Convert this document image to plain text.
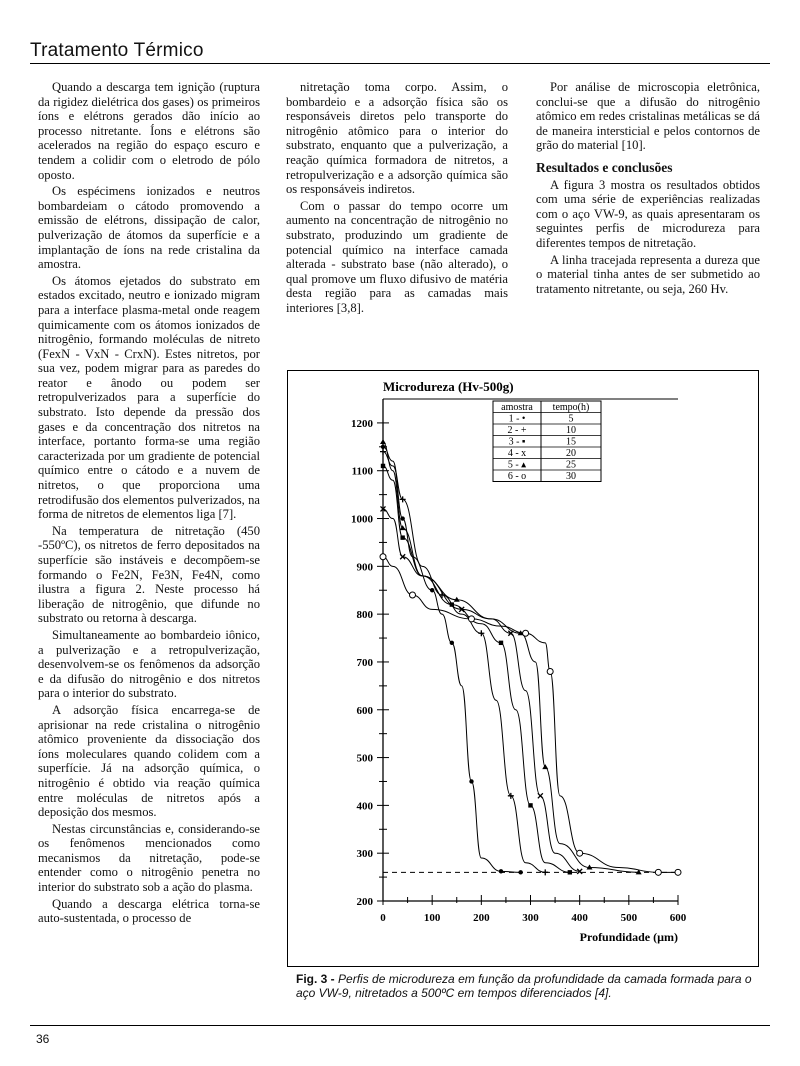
Tratamento Térmico

Quando a descarga tem ignição (ruptura da rigidez dielétrica dos gases) os primeiros íons e elétrons gerados dão início ao processo nitretante. Íons e elétrons são acelerados na região do espaço escuro e tendem a colidir com o eletrodo de pólo oposto.

Os espécimens ionizados e neutros bombardeiam o cátodo promovendo a emissão de elétrons, dissipação de calor, pulverização de átomos da superfície e a implantação de íons na rede cristalina da amostra.

Os átomos ejetados do substrato em estados excitado, neutro e ionizado migram para a interface plasma-metal onde reagem quimicamente com os átomos ionizados de nitrogênio, formando moléculas de nitreto (FexN - VxN - CrxN). Estes nitretos, por sua vez, podem migrar para as paredes do reator e ânodo ou podem ser retropulverizados para a superfície do substrato. Isto depende da pressão dos gases e da concentração dos nitretos na interface, portanto forma-se uma região caracterizada por um gradiente de potencial químico entre o cátodo e a nuvem de nitretos, o que proporciona uma retrodifusão dos elementos pulverizados, na forma de nitretos de elementos liga [7].

Na temperatura de nitretação (450 -550ºC), os nitretos de ferro depositados na superfície são instáveis e decompõem-se formando o Fe2N, Fe3N, Fe4N, como ilustra a figura 2. Neste processo há liberação de nitrogênio, que difunde no substrato ou retorna à descarga.

Simultaneamente ao bombardeio iônico, a pulverização e a retropulverização, desenvolvem-se os fenômenos da adsorção e da difusão do nitrogênio e dos nitretos para o interior do substrato.

A adsorção física encarrega-se de aprisionar na rede cristalina o nitrogênio atômico proveniente da dissociação dos íons moleculares quando colidem com a superfície. Já na adsorção química, o nitrogênio é obtido via reação química entre moléculas de nitretos após a deposição dos mesmos.

Nestas circunstâncias e, considerando-se os fenômenos mencionados como mecanismos da nitretação, pode-se entender como o nitrogênio penetra no interior do substrato sob a ação do plasma.

Quando a descarga elétrica torna-se auto-sustentada, o processo de

nitretação toma corpo. Assim, o bombardeio e a adsorção física são os responsáveis diretos pelo transporte do nitrogênio atômico para o interior do substrato, enquanto que a pulverização, a reação química formadora de nitretos, a retropulverização e a adsorção química são os responsáveis indiretos.

Com o passar do tempo ocorre um aumento na concentração de nitrogênio no substrato, produzindo um gradiente de potencial químico na interface camada alterada - substrato base (não alterado), o qual promove um fluxo difusivo de matéria desta região para as camadas mais interiores [3,8].

Por análise de microscopia eletrônica, conclui-se que a difusão do nitrogênio atômico em redes cristalinas metálicas se dá de maneira intersticial e pelos contornos de grão do material [10].

Resultados e conclusões

A figura 3 mostra os resultados obtidos com uma série de experiências realizadas com o aço VW-9, as quais apresentaram os seguintes perfis de microdureza para diferentes tempos de nitretação.

A linha tracejada representa a dureza que o material tinha antes de ser submetido ao tratamento nitretante, ou seja, 260 Hv.

Microdureza (Hv-500g)
200
300
400
500
600
700
800
900
1000
1100
1200
0	100	200	300	400	500	600
Profundidade (µm)
amostra tempo(h)
1 - •	5
2 - +	10
3 - ▪	15
4 - x	20
5 - ▴	25
6 - o	30
Fig. 3 - Perfis de microdureza em função da profundidade da camada formada para o aço VW-9, nitretados a 500ºC em tempos diferenciados [4].
36
